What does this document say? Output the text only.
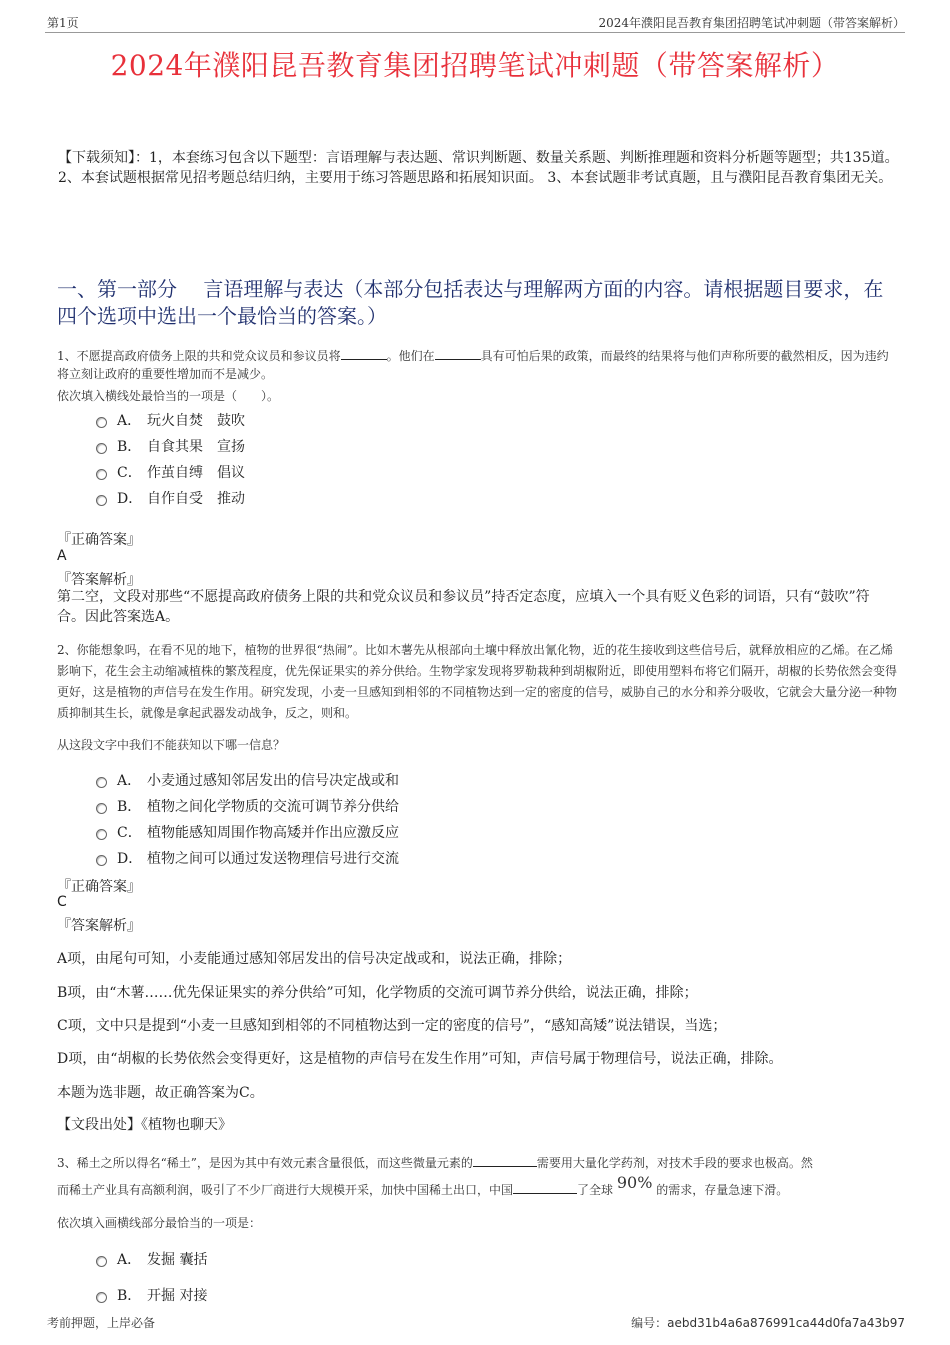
第1页	2024年濮阳昆吾教育集团招聘笔试冲刺题（带答案解析）
2024年濮阳昆吾教育集团招聘笔试冲刺题（带答案解析）
【下载须知】：1，本套练习包含以下题型：言语理解与表达题、常识判断题、数量关系题、判断推理题和资料分析题等题型；共135道。 2、本套试题根据常见招考题总结归纳，主要用于练习答题思路和拓展知识面。 3、本套试题非考试真题，且与濮阳昆吾教育集团无关。
一、第一部分　 言语理解与表达（本部分包括表达与理解两方面的内容。请根据题目要求，在四个选项中选出一个最恰当的答案。）
1、不愿提高政府债务上限的共和党众议员和参议员将	。他们在	具有可怕后果的政策，而最终的结果将与他们声称所要的截然相反，因为违约将立刻让政府的重要性增加而不是减少。
依次填入横线处最恰当的一项是（　　）。
A． 玩火自焚　鼓吹
B． 自食其果　宣扬
C． 作茧自缚　倡议
D． 自作自受　推动
『正确答案』
A
『答案解析』
第二空，文段对那些“不愿提高政府债务上限的共和党众议员和参议员”持否定态度，应填入一个具有贬义色彩的词语，只有“鼓吹”符合。因此答案选A。
2、你能想象吗，在看不见的地下，植物的世界很“热闹”。比如木薯先从根部向土壤中释放出氰化物，近的花生接收到这些信号后，就释放相应的乙烯。在乙烯影响下，花生会主动缩减植株的繁茂程度，优先保证果实的养分供给。生物学家发现将罗勒栽种到胡椒附近，即使用塑料布将它们隔开，胡椒的长势依然会变得更好，这是植物的声信号在发生作用。研究发现，小麦一旦感知到相邻的不同植物达到一定的密度的信号，威胁自己的水分和养分吸收，它就会大量分泌一种物质抑制其生长，就像是拿起武器发动战争，反之，则和。
从这段文字中我们不能获知以下哪一信息？
A． 小麦通过感知邻居发出的信号决定战或和
B． 植物之间化学物质的交流可调节养分供给
C． 植物能感知周围作物高矮并作出应激反应
D． 植物之间可以通过发送物理信号进行交流
『正确答案』
C
『答案解析』
A项，由尾句可知，小麦能通过感知邻居发出的信号决定战或和，说法正确，排除；
B项，由“木薯……优先保证果实的养分供给”可知，化学物质的交流可调节养分供给，说法正确，排除；
C项，文中只是提到“小麦一旦感知到相邻的不同植物达到一定的密度的信号”，“感知高矮”说法错误，当选；
D项，由“胡椒的长势依然会变得更好，这是植物的声信号在发生作用”可知，声信号属于物理信号，说法正确，排除。
本题为选非题，故正确答案为C。
【文段出处】《植物也聊天》
3、稀土之所以得名“稀土”，是因为其中有效元素含量很低，而这些微量元素的	需要用大量化学药剂，对技术手段的要求也极高。然
而稀土产业具有高额利润，吸引了不少厂商进行大规模开采，加快中国稀土出口，中国	了全球 90% 的需求，存量急速下滑。
依次填入画横线部分最恰当的一项是：
A． 发掘 囊括
B． 开掘 对接
考前押题，上岸必备	编号：aebd31b4a6a876991ca44d0fa7a43b97
